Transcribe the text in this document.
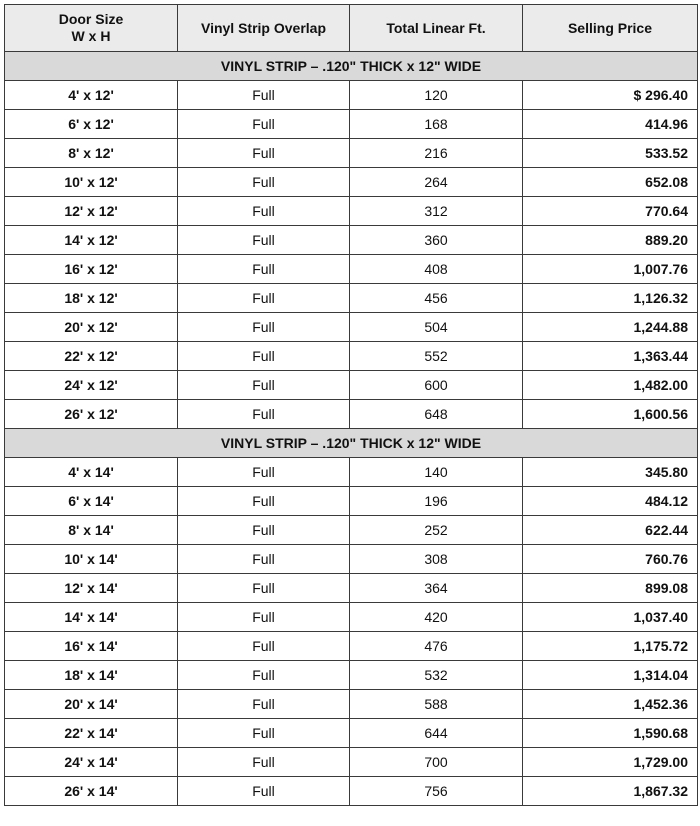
Door Size
W x H	Vinyl Strip Overlap	Total Linear Ft.	Selling Price
VINYL STRIP – .120" THICK x 12" WIDE			
4' x 12'	Full	120	$ 296.40
6' x 12'	Full	168	414.96
8' x 12'	Full	216	533.52
10' x 12'	Full	264	652.08
12' x 12'	Full	312	770.64
14' x 12'	Full	360	889.20
16' x 12'	Full	408	1,007.76
18' x 12'	Full	456	1,126.32
20' x 12'	Full	504	1,244.88
22' x 12'	Full	552	1,363.44
24' x 12'	Full	600	1,482.00
26' x 12'	Full	648	1,600.56
VINYL STRIP – .120" THICK x 12" WIDE			
4' x 14'	Full	140	345.80
6' x 14'	Full	196	484.12
8' x 14'	Full	252	622.44
10' x 14'	Full	308	760.76
12' x 14'	Full	364	899.08
14' x 14'	Full	420	1,037.40
16' x 14'	Full	476	1,175.72
18' x 14'	Full	532	1,314.04
20' x 14'	Full	588	1,452.36
22' x 14'	Full	644	1,590.68
24' x 14'	Full	700	1,729.00
26' x 14'	Full	756	1,867.32
